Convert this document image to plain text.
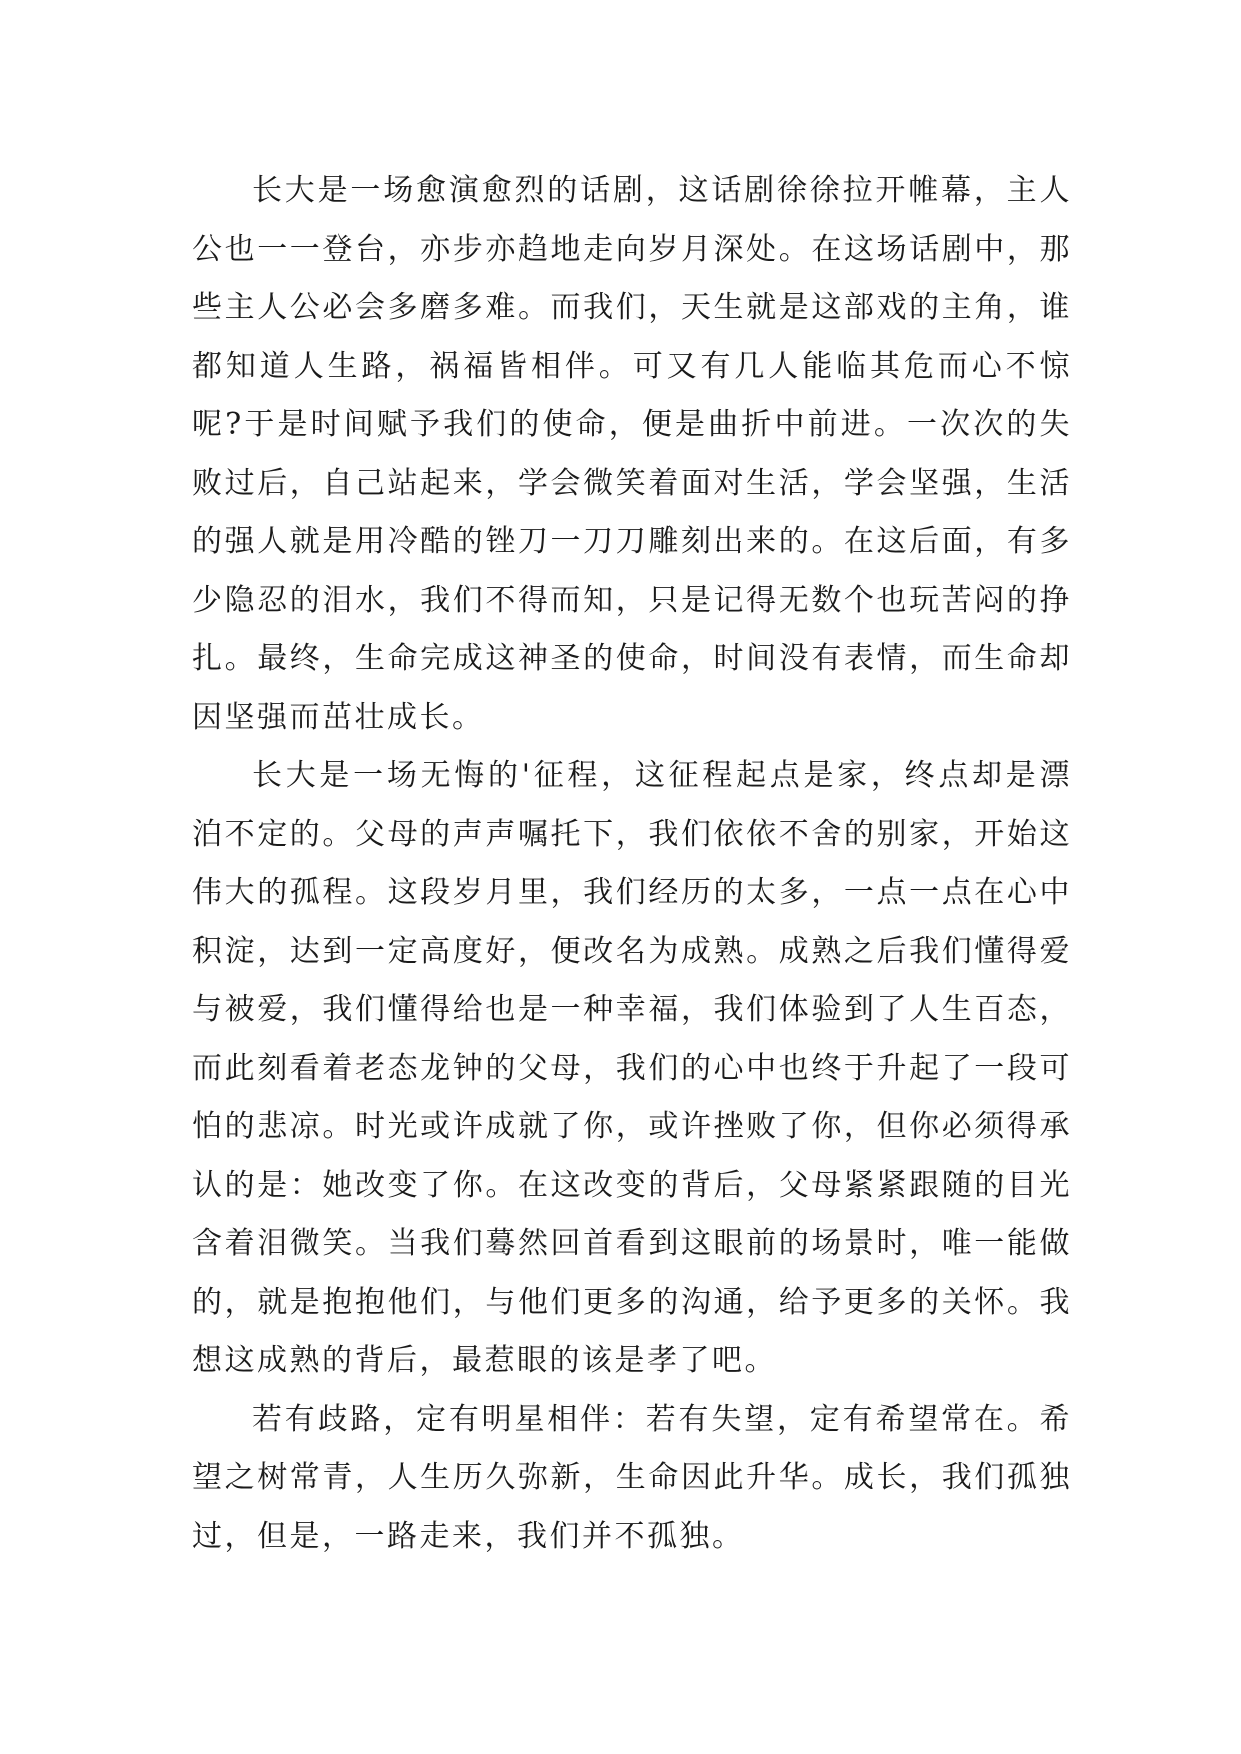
长大是一场愈演愈烈的话剧，这话剧徐徐拉开帷幕，主人公也一一登台，亦步亦趋地走向岁月深处。在这场话剧中，那些主人公必会多磨多难。而我们，天生就是这部戏的主角，谁都知道人生路，祸福皆相伴。可又有几人能临其危而心不惊呢?于是时间赋予我们的使命，便是曲折中前进。一次次的失败过后，自己站起来，学会微笑着面对生活，学会坚强，生活的强人就是用冷酷的锉刀一刀刀雕刻出来的。在这后面，有多少隐忍的泪水，我们不得而知，只是记得无数个也玩苦闷的挣扎。最终，生命完成这神圣的使命，时间没有表情，而生命却因坚强而茁壮成长。

长大是一场无悔的'征程，这征程起点是家，终点却是漂泊不定的。父母的声声嘱托下，我们依依不舍的别家，开始这伟大的孤程。这段岁月里，我们经历的太多，一点一点在心中积淀，达到一定高度好，便改名为成熟。成熟之后我们懂得爱与被爱，我们懂得给也是一种幸福，我们体验到了人生百态，而此刻看着老态龙钟的父母，我们的心中也终于升起了一段可怕的悲凉。时光或许成就了你，或许挫败了你，但你必须得承认的是：她改变了你。在这改变的背后，父母紧紧跟随的目光含着泪微笑。当我们蓦然回首看到这眼前的场景时，唯一能做的，就是抱抱他们，与他们更多的沟通，给予更多的关怀。我想这成熟的背后，最惹眼的该是孝了吧。

若有歧路，定有明星相伴：若有失望，定有希望常在。希望之树常青，人生历久弥新，生命因此升华。成长，我们孤独过，但是，一路走来，我们并不孤独。
